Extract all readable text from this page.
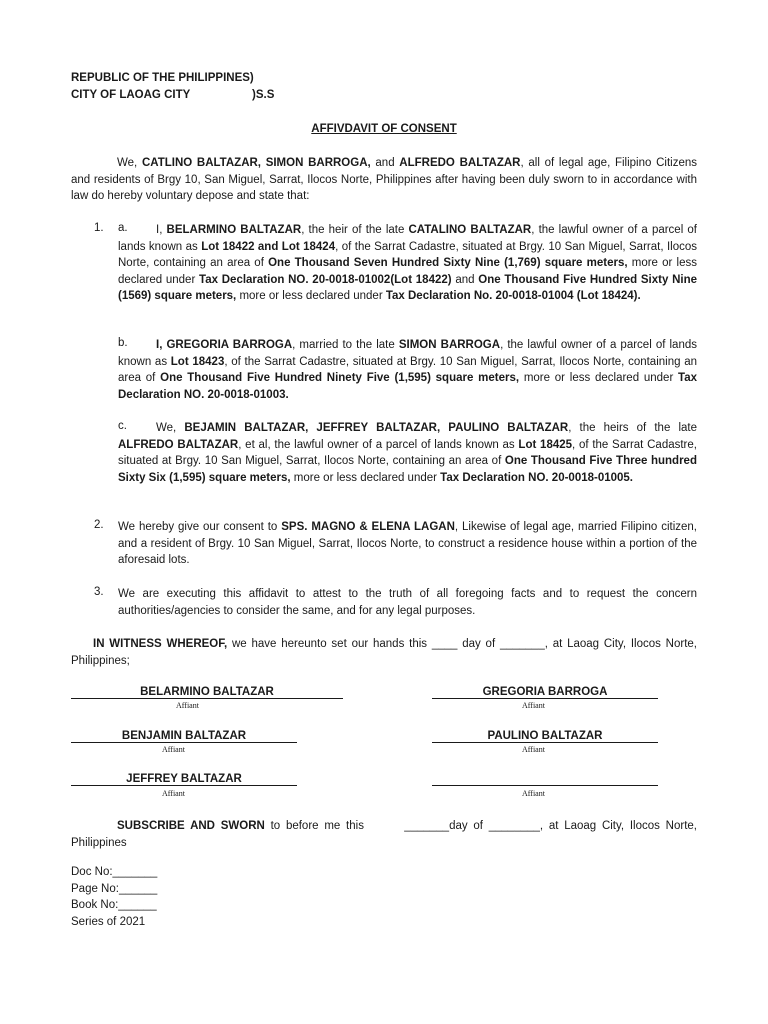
REPUBLIC OF THE PHILIPPINES)
CITY OF LAOAG CITY	)S.S
AFFIVDAVIT OF CONSENT
We, CATLINO BALTAZAR, SIMON BARROGA, and ALFREDO BALTAZAR, all of legal age, Filipino Citizens and residents of Brgy 10, San Miguel, Sarrat, Ilocos Norte, Philippines after having been duly sworn to in accordance with law do hereby voluntary depose and state that:
1. a.	I, BELARMINO BALTAZAR, the heir of the late CATALINO BALTAZAR, the lawful owner of a parcel of lands known as Lot 18422 and Lot 18424, of the Sarrat Cadastre, situated at Brgy. 10 San Miguel, Sarrat, Ilocos Norte, containing an area of One Thousand Seven Hundred Sixty Nine (1,769) square meters, more or less declared under Tax Declaration NO. 20-0018-01002(Lot 18422) and One Thousand Five Hundred Sixty Nine (1569) square meters, more or less declared under Tax Declaration No. 20-0018-01004 (Lot 18424).
b.	I, GREGORIA BARROGA, married to the late SIMON BARROGA, the lawful owner of a parcel of lands known as Lot 18423, of the Sarrat Cadastre, situated at Brgy. 10 San Miguel, Sarrat, Ilocos Norte, containing an area of One Thousand Five Hundred Ninety Five (1,595) square meters, more or less declared under Tax Declaration NO. 20-0018-01003.
c.	We, BEJAMIN BALTAZAR, JEFFREY BALTAZAR, PAULINO BALTAZAR, the heirs of the late ALFREDO BALTAZAR, et al, the lawful owner of a parcel of lands known as Lot 18425, of the Sarrat Cadastre, situated at Brgy. 10 San Miguel, Sarrat, Ilocos Norte, containing an area of One Thousand Five Three hundred Sixty Six (1,595) square meters, more or less declared under Tax Declaration NO. 20-0018-01005.
2. We hereby give our consent to SPS. MAGNO & ELENA LAGAN, Likewise of legal age, married Filipino citizen, and a resident of Brgy. 10 San Miguel, Sarrat, Ilocos Norte, to construct a residence house within a portion of the aforesaid lots.
3. We are executing this affidavit to attest to the truth of all foregoing facts and to request the concern authorities/agencies to consider the same, and for any legal purposes.
IN WITNESS WHEREOF, we have hereunto set our hands this ____ day of _______, at Laoag City, Ilocos Norte, Philippines;
BELARMINO BALTAZAR
Affiant
GREGORIA BARROGA
Affiant
BENJAMIN BALTAZAR
Affiant
PAULINO BALTAZAR
Affiant
JEFFREY BALTAZAR
Affiant	Affiant
SUBSCRIBE AND SWORN to before me this       _______day of ________, at Laoag City, Ilocos Norte, Philippines
Doc No:_______
Page No:______
Book No:______
Series of 2021
